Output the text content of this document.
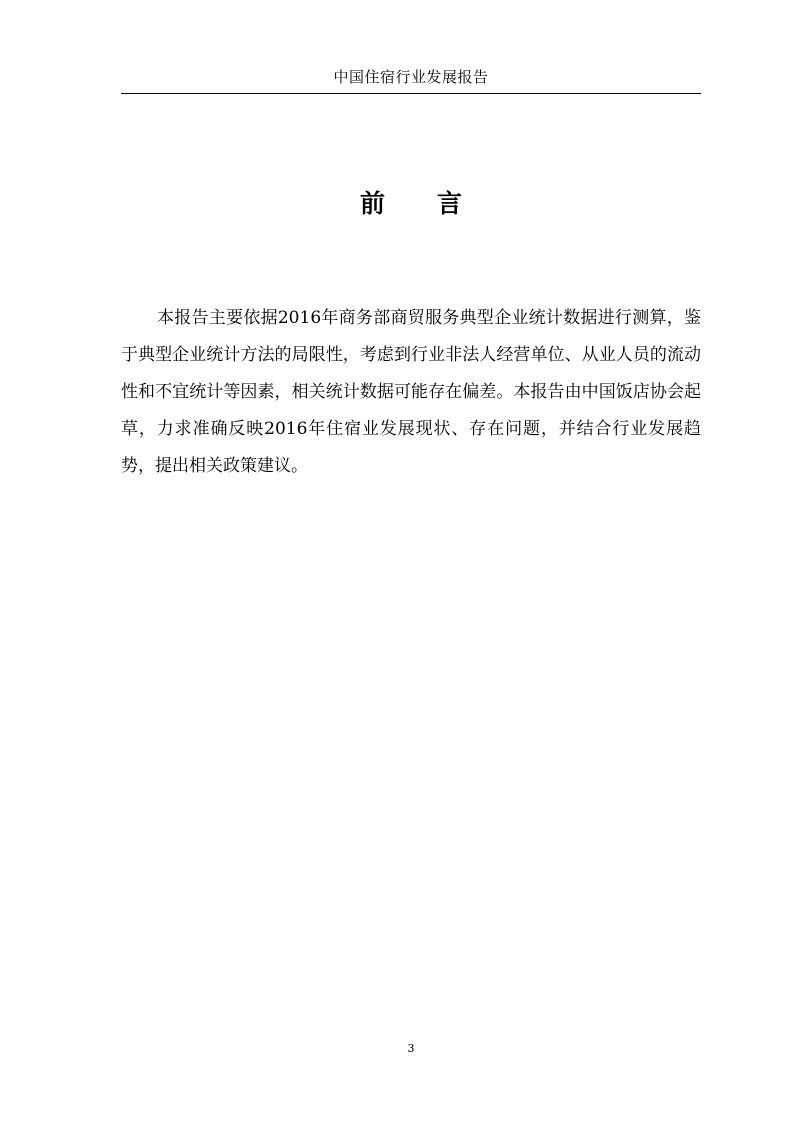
中国住宿行业发展报告
前 言

本报告主要依据2016年商务部商贸服务典型企业统计数据进行测算，鉴于典型企业统计方法的局限性，考虑到行业非法人经营单位、从业人员的流动性和不宜统计等因素，相关统计数据可能存在偏差。本报告由中国饭店协会起草，力求准确反映2016年住宿业发展现状、存在问题，并结合行业发展趋势，提出相关政策建议。

3
